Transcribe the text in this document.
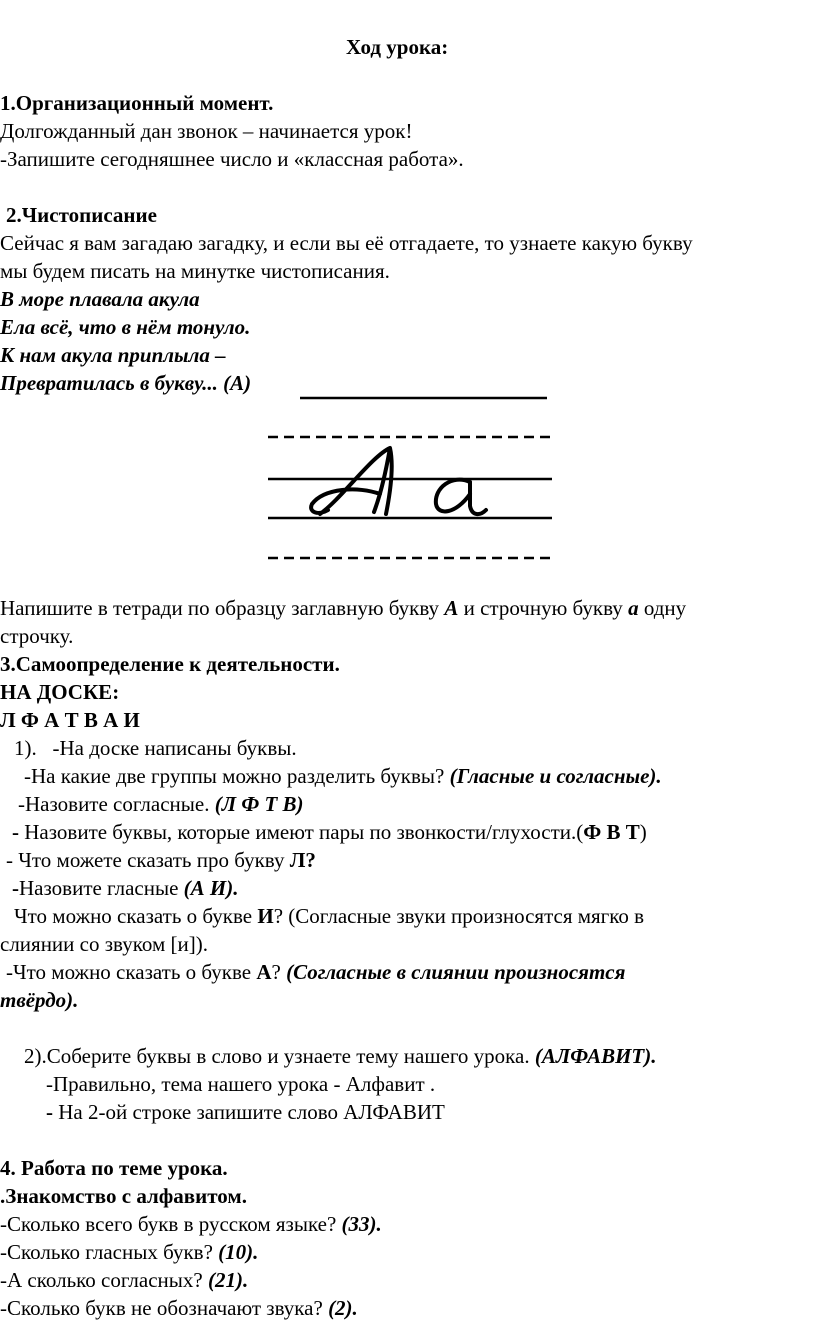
Ход урока:
1.Организационный момент.
Долгожданный дан звонок – начинается урок!
-Запишите сегодняшнее число и «классная работа».
2.Чистописание
Сейчас я вам загадаю загадку, и если вы её отгадаете, то узнаете какую букву
мы будем писать на минутке чистописания.
В море плавала акула
Ела всё, что в нём тонуло.
К нам акула приплыла –
Превратилась в букву... (А)
Напишите в тетради по образцу заглавную букву А и строчную букву а одну
строчку.
3.Самоопределение к деятельности.
НА ДОСКЕ:
Л Ф А Т В А И
1).   -На доске написаны буквы.
-На какие две группы можно разделить буквы? (Гласные и согласные).
-Назовите согласные. (Л Ф Т В)
- Назовите буквы, которые имеют пары по звонкости/глухости.(Ф В Т)
- Что можете сказать про букву Л?
-Назовите гласные (А И).
Что можно сказать о букве И? (Согласные звуки произносятся мягко в
слиянии со звуком [и]).
-Что можно сказать о букве А? (Согласные в слиянии произносятся
твёрдо).
2).Соберите буквы в слово и узнаете тему нашего урока. (АЛФАВИТ).
-Правильно, тема нашего урока - Алфавит .
- На 2-ой строке запишите слово АЛФАВИТ
4. Работа по теме урока.
.Знакомство с алфавитом.
-Сколько всего букв в русском языке? (33).
-Сколько гласных букв? (10).
-А сколько согласных? (21).
-Сколько букв не обозначают звука? (2).
